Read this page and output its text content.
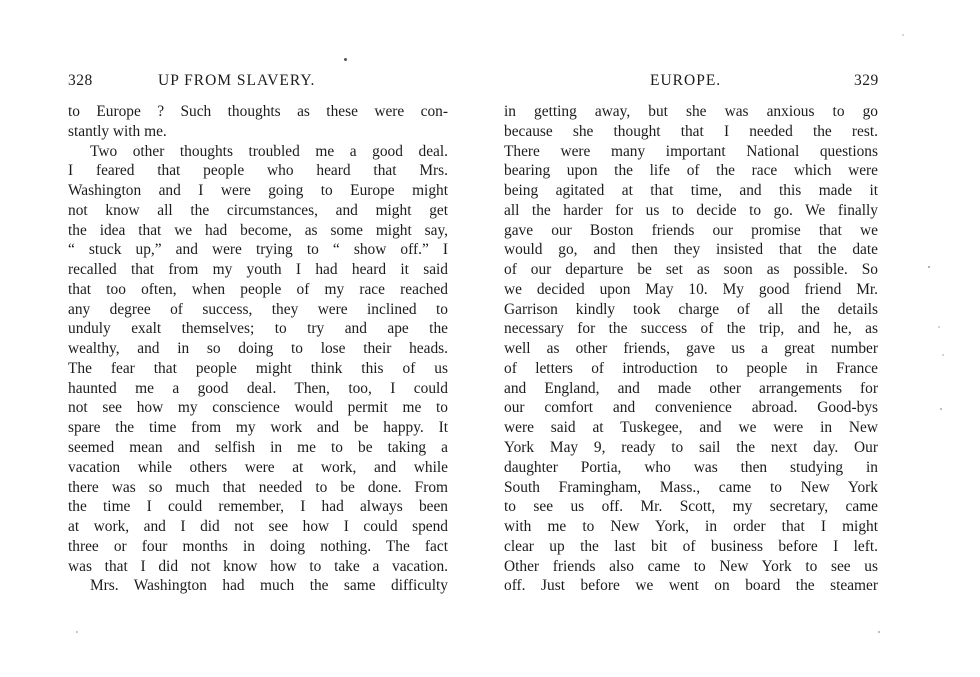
328	UP FROM SLAVERY.
to Europe ? Such thoughts as these were con-
stantly with me.
Two other thoughts troubled me a good deal.
I feared that people who heard that Mrs.
Washington and I were going to Europe might
not know all the circumstances, and might get
the idea that we had become, as some might say,
“ stuck up,” and were trying to “ show off.” I
recalled that from my youth I had heard it said
that too often, when people of my race reached
any degree of success, they were inclined to
unduly exalt themselves; to try and ape the
wealthy, and in so doing to lose their heads.
The fear that people might think this of us
haunted me a good deal. Then, too, I could
not see how my conscience would permit me to
spare the time from my work and be happy. It
seemed mean and selfish in me to be taking a
vacation while others were at work, and while
there was so much that needed to be done. From
the time I could remember, I had always been
at work, and I did not see how I could spend
three or four months in doing nothing. The fact
was that I did not know how to take a vacation.
Mrs. Washington had much the same difficulty
EUROPE.	329
in getting away, but she was anxious to go
because she thought that I needed the rest.
There were many important National questions
bearing upon the life of the race which were
being agitated at that time, and this made it
all the harder for us to decide to go. We finally
gave our Boston friends our promise that we
would go, and then they insisted that the date
of our departure be set as soon as possible. So
we decided upon May 10. My good friend Mr.
Garrison kindly took charge of all the details
necessary for the success of the trip, and he, as
well as other friends, gave us a great number
of letters of introduction to people in France
and England, and made other arrangements for
our comfort and convenience abroad. Good-bys
were said at Tuskegee, and we were in New
York May 9, ready to sail the next day. Our
daughter Portia, who was then studying in
South Framingham, Mass., came to New York
to see us off. Mr. Scott, my secretary, came
with me to New York, in order that I might
clear up the last bit of business before I left.
Other friends also came to New York to see us
off. Just before we went on board the steamer
